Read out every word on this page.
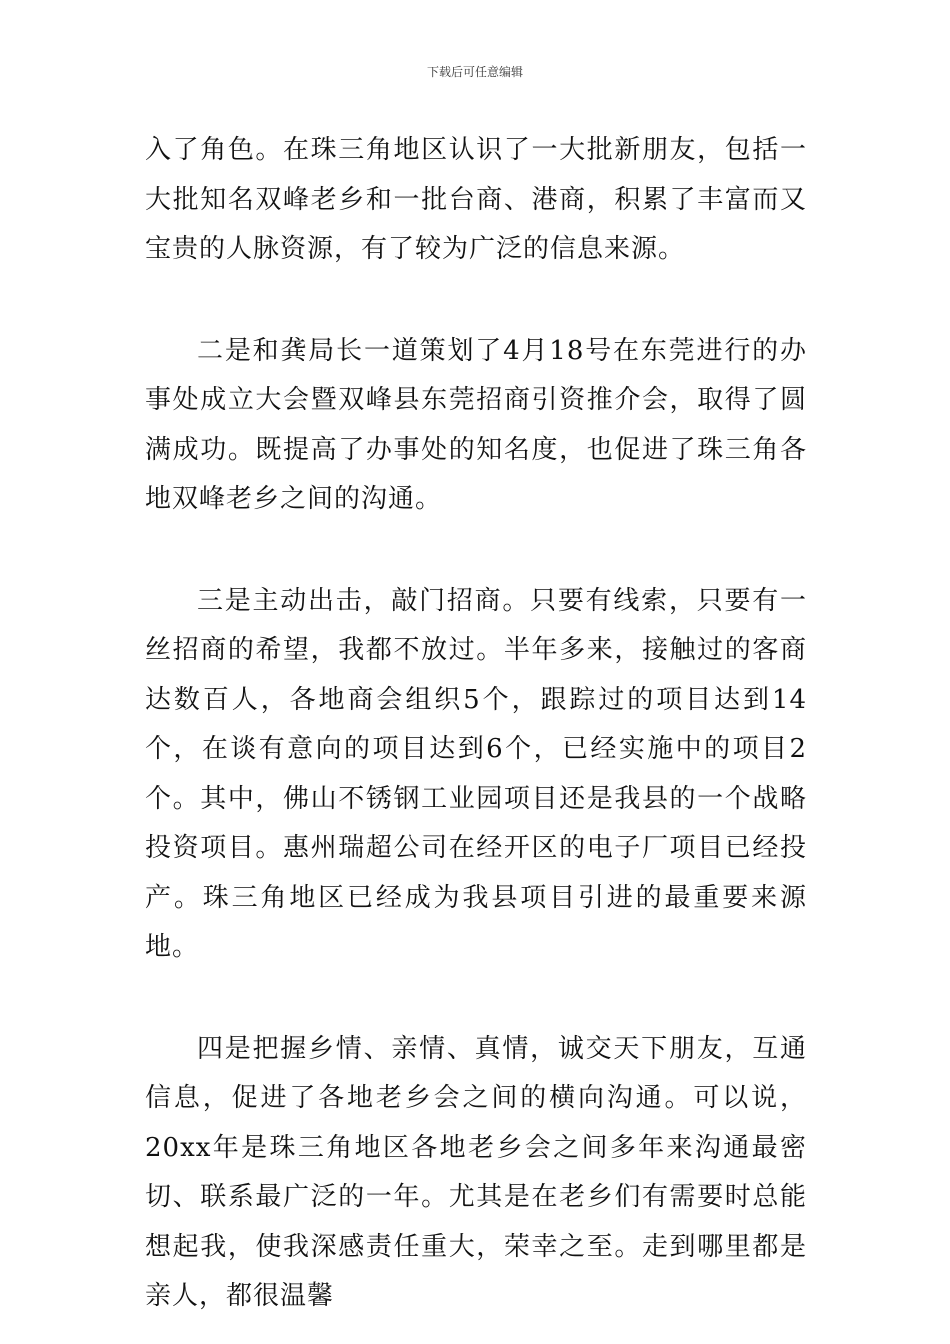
下载后可任意编辑

入了角色。在珠三角地区认识了一大批新朋友，包括一大批知名双峰老乡和一批台商、港商，积累了丰富而又宝贵的人脉资源，有了较为广泛的信息来源。

二是和龚局长一道策划了4月18号在东莞进行的办事处成立大会暨双峰县东莞招商引资推介会，取得了圆满成功。既提高了办事处的知名度，也促进了珠三角各地双峰老乡之间的沟通。

三是主动出击，敲门招商。只要有线索，只要有一丝招商的希望，我都不放过。半年多来，接触过的客商达数百人，各地商会组织5个，跟踪过的项目达到14个，在谈有意向的项目达到6个，已经实施中的项目2个。其中，佛山不锈钢工业园项目还是我县的一个战略投资项目。惠州瑞超公司在经开区的电子厂项目已经投产。珠三角地区已经成为我县项目引进的最重要来源地。

四是把握乡情、亲情、真情，诚交天下朋友，互通信息，促进了各地老乡会之间的横向沟通。可以说，20xx年是珠三角地区各地老乡会之间多年来沟通最密切、联系最广泛的一年。尤其是在老乡们有需要时总能想起我，使我深感责任重大，荣幸之至。走到哪里都是亲人，都很温馨
